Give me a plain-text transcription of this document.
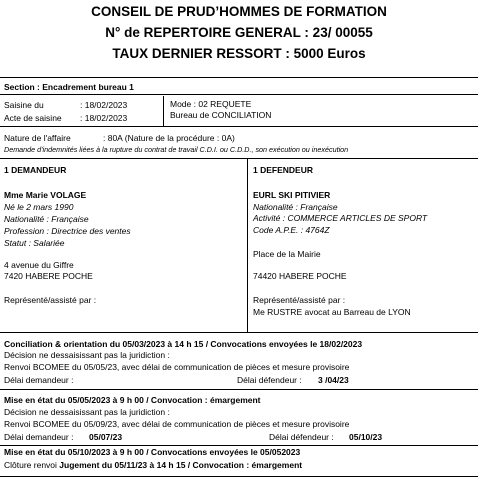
CONSEIL DE PRUD’HOMMES DE FORMATION
N° de REPERTOIRE GENERAL : 23/ 00055
TAUX DERNIER RESSORT : 5000 Euros
Section : Encadrement bureau 1
Saisine du	: 18/02/2023
Acte de saisine : 18/02/2023
Mode : 02 REQUETE
Bureau de CONCILIATION
Nature de l'affaire	: 80A (Nature de la procédure : 0A)
Demande d'indemnités liées à la rupture du contrat de travail C.D.I. ou C.D.D., son exécution ou inexécution
1 DEMANDEUR
Mme Marie VOLAGE
Né le 2 mars 1990
Nationalité : Française
Profession : Directrice des ventes
Statut : Salariée
4 avenue du Giffre
7420 HABERE POCHE
Représenté/assisté par :
1 DEFENDEUR
EURL SKI PITIVIER
Nationalité : Française
Activité : COMMERCE ARTICLES DE SPORT
Code A.P.E. : 4764Z
Place de la Mairie
74420 HABERE POCHE
Représenté/assisté par :
Me RUSTRE avocat au Barreau de LYON
Conciliation & orientation du 05/03/2023 à 14 h 15 / Convocations envoyées le 18/02/2023
Décision ne dessaisissant pas la juridiction :
Renvoi BCOMEE du 05/05/23, avec délai de communication de pièces et mesure provisoire
Délai demandeur :	Délai défendeur : 3 /04/23
Mise en état du 05/05/2023 à 9 h 00 / Convocation : émargement
Décision ne dessaisissant pas la juridiction :
Renvoi BCOMEE du 05/09/23, avec délai de communication de pièces et mesure provisoire
Délai demandeur : 05/07/23	Délai défendeur : 05/10/23
Mise en état du 05/10/2023 à 9 h 00 / Convocations envoyées le 05/052023
Clôture renvoi Jugement du 05/11/23 à 14 h 15 / Convocation : émargement
